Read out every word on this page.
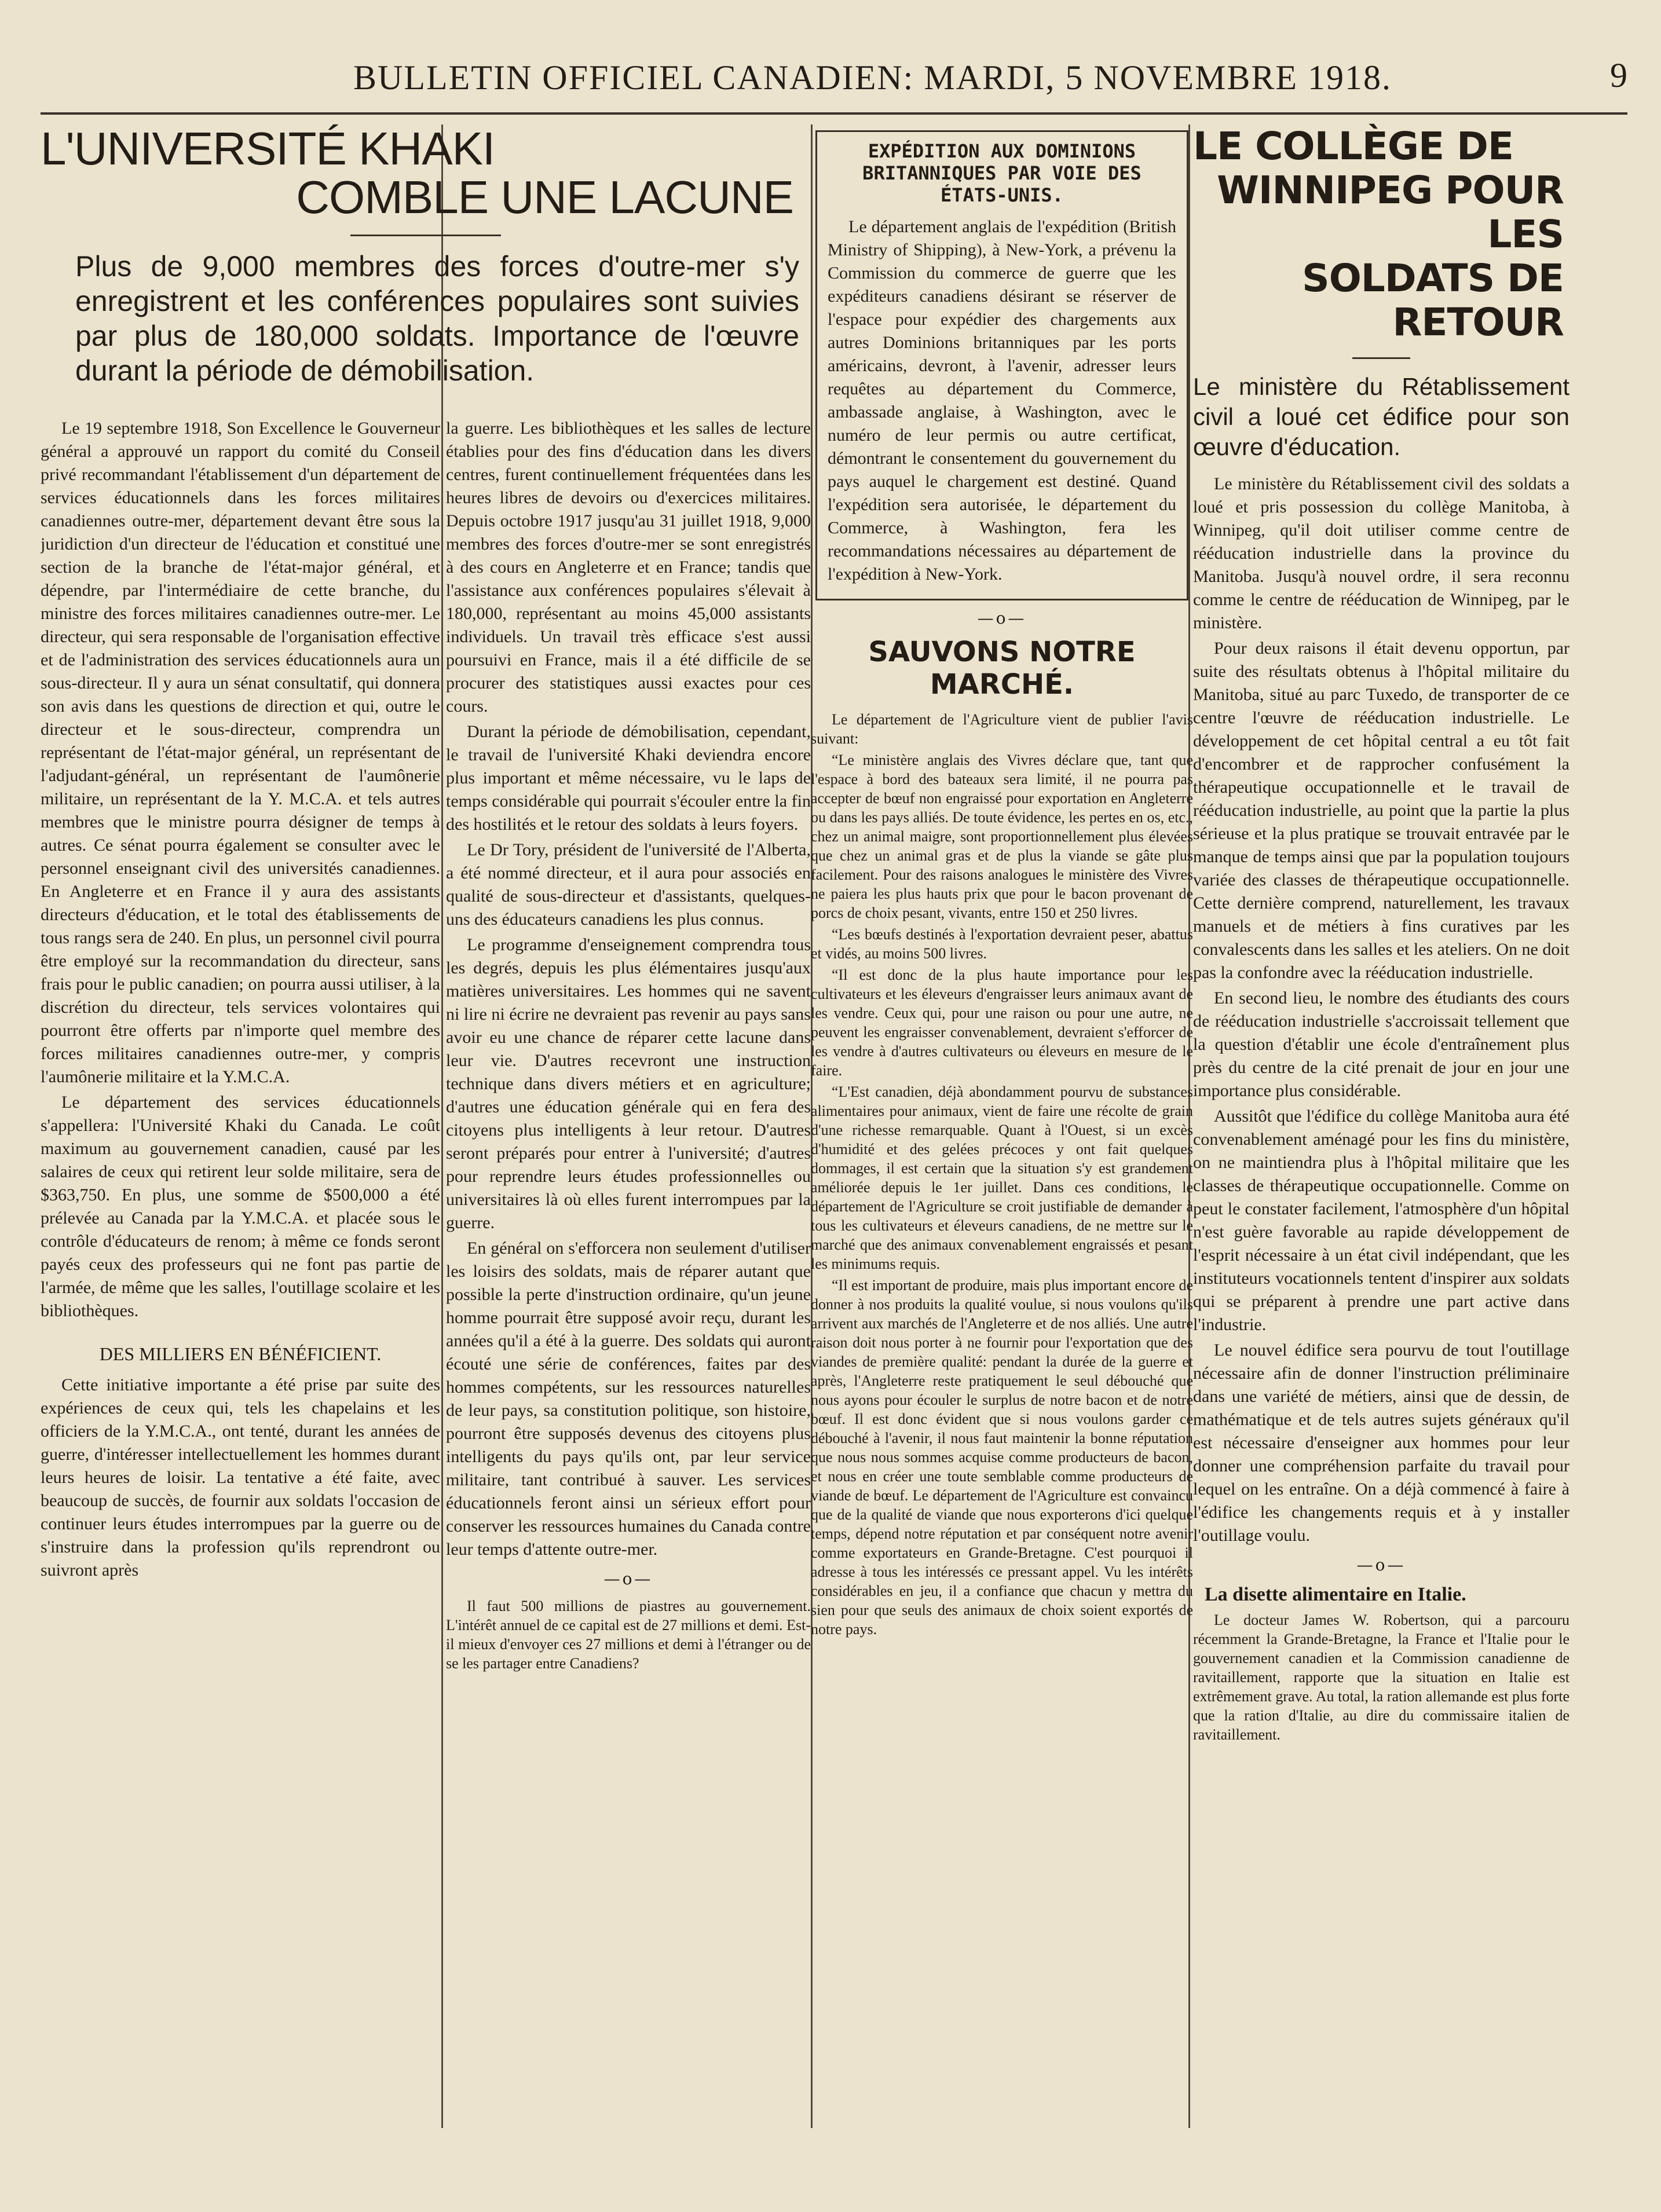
BULLETIN OFFICIEL CANADIEN: MARDI, 5 NOVEMBRE 1918.	9
L'UNIVERSITÉ KHAKI
COMBLE UNE LACUNE
Plus de 9,000 membres des forces d'outre-mer s'y enregistrent et les conférences populaires sont suivies par plus de 180,000 soldats. Importance de l'œuvre durant la période de démobilisation.

Le 19 septembre 1918, Son Excellence le Gouverneur général a approuvé un rapport du comité du Conseil privé recommandant l'établissement d'un département de services éducationnels dans les forces militaires canadiennes outre-mer, département devant être sous la juridiction d'un directeur de l'éducation et constitué une section de la branche de l'état-major général, et dépendre, par l'intermédiaire de cette branche, du ministre des forces militaires canadiennes outre-mer. Le directeur, qui sera responsable de l'organisation effective et de l'administration des services éducationnels aura un sous-directeur. Il y aura un sénat consultatif, qui donnera son avis dans les questions de direction et qui, outre le directeur et le sous-directeur, comprendra un représentant de l'état-major général, un représentant de l'adjudant-général, un représentant de l'aumônerie militaire, un représentant de la Y. M.C.A. et tels autres membres que le ministre pourra désigner de temps à autres. Ce sénat pourra également se consulter avec le personnel enseignant civil des universités canadiennes. En Angleterre et en France il y aura des assistants directeurs d'éducation, et le total des établissements de tous rangs sera de 240. En plus, un personnel civil pourra être employé sur la recommandation du directeur, sans frais pour le public canadien; on pourra aussi utiliser, à la discrétion du directeur, tels services volontaires qui pourront être offerts par n'importe quel membre des forces militaires canadiennes outre-mer, y compris l'aumônerie militaire et la Y.M.C.A.

Le département des services éducationnels s'appellera: l'Université Khaki du Canada. Le coût maximum au gouvernement canadien, causé par les salaires de ceux qui retirent leur solde militaire, sera de $363,750. En plus, une somme de $500,000 a été prélevée au Canada par la Y.M.C.A. et placée sous le contrôle d'éducateurs de renom; à même ce fonds seront payés ceux des professeurs qui ne font pas partie de l'armée, de même que les salles, l'outillage scolaire et les bibliothèques.

DES MILLIERS EN BÉNÉFICIENT.

Cette initiative importante a été prise par suite des expériences de ceux qui, tels les chapelains et les officiers de la Y.M.C.A., ont tenté, durant les années de guerre, d'intéresser intellectuellement les hommes durant leurs heures de loisir. La tentative a été faite, avec beaucoup de succès, de fournir aux soldats l'occasion de continuer leurs études interrompues par la guerre ou de s'instruire dans la profession qu'ils reprendront ou suivront après

la guerre. Les bibliothèques et les salles de lecture établies pour des fins d'éducation dans les divers centres, furent continuellement fréquentées dans les heures libres de devoirs ou d'exercices militaires. Depuis octobre 1917 jusqu'au 31 juillet 1918, 9,000 membres des forces d'outre-mer se sont enregistrés à des cours en Angleterre et en France; tandis que l'assistance aux conférences populaires s'élevait à 180,000, représentant au moins 45,000 assistants individuels. Un travail très efficace s'est aussi poursuivi en France, mais il a été difficile de se procurer des statistiques aussi exactes pour ces cours.

Durant la période de démobilisation, cependant, le travail de l'université Khaki deviendra encore plus important et même nécessaire, vu le laps de temps considérable qui pourrait s'écouler entre la fin des hostilités et le retour des soldats à leurs foyers.

Le Dr Tory, président de l'université de l'Alberta, a été nommé directeur, et il aura pour associés en qualité de sous-directeur et d'assistants, quelques-uns des éducateurs canadiens les plus connus.

Le programme d'enseignement comprendra tous les degrés, depuis les plus élémentaires jusqu'aux matières universitaires. Les hommes qui ne savent ni lire ni écrire ne devraient pas revenir au pays sans avoir eu une chance de réparer cette lacune dans leur vie. D'autres recevront une instruction technique dans divers métiers et en agriculture; d'autres une éducation générale qui en fera des citoyens plus intelligents à leur retour. D'autres seront préparés pour entrer à l'université; d'autres pour reprendre leurs études professionnelles ou universitaires là où elles furent interrompues par la guerre.

En général on s'efforcera non seulement d'utiliser les loisirs des soldats, mais de réparer autant que possible la perte d'instruction ordinaire, qu'un jeune homme pourrait être supposé avoir reçu, durant les années qu'il a été à la guerre. Des soldats qui auront écouté une série de conférences, faites par des hommes compétents, sur les ressources naturelles de leur pays, sa constitution politique, son histoire, pourront être supposés devenus des citoyens plus intelligents du pays qu'ils ont, par leur service militaire, tant contribué à sauver. Les services éducationnels feront ainsi un sérieux effort pour conserver les ressources humaines du Canada contre leur temps d'attente outre-mer.

—o—

Il faut 500 millions de piastres au gouvernement. L'intérêt annuel de ce capital est de 27 millions et demi. Est-il mieux d'envoyer ces 27 millions et demi à l'étranger ou de se les partager entre Canadiens?

EXPÉDITION AUX DOMINIONS BRITANNIQUES PAR VOIE DES ÉTATS-UNIS.

Le département anglais de l'expédition (British Ministry of Shipping), à New-York, a prévenu la Commission du commerce de guerre que les expéditeurs canadiens désirant se réserver de l'espace pour expédier des chargements aux autres Dominions britanniques par les ports américains, devront, à l'avenir, adresser leurs requêtes au département du Commerce, ambassade anglaise, à Washington, avec le numéro de leur permis ou autre certificat, démontrant le consentement du gouvernement du pays auquel le chargement est destiné. Quand l'expédition sera autorisée, le département du Commerce, à Washington, fera les recommandations nécessaires au département de l'expédition à New-York.

—o—
SAUVONS NOTRE MARCHÉ.

Le département de l'Agriculture vient de publier l'avis suivant:

“Le ministère anglais des Vivres déclare que, tant que l'espace à bord des bateaux sera limité, il ne pourra pas accepter de bœuf non engraissé pour exportation en Angleterre ou dans les pays alliés. De toute évidence, les pertes en os, etc., chez un animal maigre, sont proportionnellement plus élevées que chez un animal gras et de plus la viande se gâte plus facilement. Pour des raisons analogues le ministère des Vivres ne paiera les plus hauts prix que pour le bacon provenant de porcs de choix pesant, vivants, entre 150 et 250 livres.

“Les bœufs destinés à l'exportation devraient peser, abattus et vidés, au moins 500 livres.

“Il est donc de la plus haute importance pour les cultivateurs et les éleveurs d'engraisser leurs animaux avant de les vendre. Ceux qui, pour une raison ou pour une autre, ne peuvent les engraisser convenablement, devraient s'efforcer de les vendre à d'autres cultivateurs ou éleveurs en mesure de le faire.

“L'Est canadien, déjà abondamment pourvu de substances alimentaires pour animaux, vient de faire une récolte de grain d'une richesse remarquable. Quant à l'Ouest, si un excès d'humidité et des gelées précoces y ont fait quelques dommages, il est certain que la situation s'y est grandement améliorée depuis le 1er juillet. Dans ces conditions, le département de l'Agriculture se croit justifiable de demander à tous les cultivateurs et éleveurs canadiens, de ne mettre sur le marché que des animaux convenablement engraissés et pesant les minimums requis.

“Il est important de produire, mais plus important encore de donner à nos produits la qualité voulue, si nous voulons qu'ils arrivent aux marchés de l'Angleterre et de nos alliés. Une autre raison doit nous porter à ne fournir pour l'exportation que des viandes de première qualité: pendant la durée de la guerre et après, l'Angleterre reste pratiquement le seul débouché que nous ayons pour écouler le surplus de notre bacon et de notre bœuf. Il est donc évident que si nous voulons garder ce débouché à l'avenir, il nous faut maintenir la bonne réputation que nous nous sommes acquise comme producteurs de bacon, et nous en créer une toute semblable comme producteurs de viande de bœuf. Le département de l'Agriculture est convaincu que de la qualité de viande que nous exporterons d'ici quelque temps, dépend notre réputation et par conséquent notre avenir comme exportateurs en Grande-Bretagne. C'est pourquoi il adresse à tous les intéressés ce pressant appel. Vu les intérêts considérables en jeu, il a confiance que chacun y mettra du sien pour que seuls des animaux de choix soient exportés de notre pays.

LE COLLÈGE DE
WINNIPEG POUR LES
SOLDATS DE RETOUR
Le ministère du Rétablissement civil a loué cet édifice pour son œuvre d'éducation.

Le ministère du Rétablissement civil des soldats a loué et pris possession du collège Manitoba, à Winnipeg, qu'il doit utiliser comme centre de rééducation industrielle dans la province du Manitoba. Jusqu'à nouvel ordre, il sera reconnu comme le centre de rééducation de Winnipeg, par le ministère.

Pour deux raisons il était devenu opportun, par suite des résultats obtenus à l'hôpital militaire du Manitoba, situé au parc Tuxedo, de transporter de ce centre l'œuvre de rééducation industrielle. Le développement de cet hôpital central a eu tôt fait d'encombrer et de rapprocher confusément la thérapeutique occupationnelle et le travail de rééducation industrielle, au point que la partie la plus sérieuse et la plus pratique se trouvait entravée par le manque de temps ainsi que par la population toujours variée des classes de thérapeutique occupationnelle. Cette dernière comprend, naturellement, les travaux manuels et de métiers à fins curatives par les convalescents dans les salles et les ateliers. On ne doit pas la confondre avec la rééducation industrielle.

En second lieu, le nombre des étudiants des cours de rééducation industrielle s'accroissait tellement que la question d'établir une école d'entraînement plus près du centre de la cité prenait de jour en jour une importance plus considérable.

Aussitôt que l'édifice du collège Manitoba aura été convenablement aménagé pour les fins du ministère, on ne maintiendra plus à l'hôpital militaire que les classes de thérapeutique occupationnelle. Comme on peut le constater facilement, l'atmosphère d'un hôpital n'est guère favorable au rapide développement de l'esprit nécessaire à un état civil indépendant, que les instituteurs vocationnels tentent d'inspirer aux soldats qui se préparent à prendre une part active dans l'industrie.

Le nouvel édifice sera pourvu de tout l'outillage nécessaire afin de donner l'instruction préliminaire dans une variété de métiers, ainsi que de dessin, de mathématique et de tels autres sujets généraux qu'il est nécessaire d'enseigner aux hommes pour leur donner une compréhension parfaite du travail pour lequel on les entraîne. On a déjà commencé à faire à l'édifice les changements requis et à y installer l'outillage voulu.

—o—
La disette alimentaire en Italie.

Le docteur James W. Robertson, qui a parcouru récemment la Grande-Bretagne, la France et l'Italie pour le gouvernement canadien et la Commission canadienne de ravitaillement, rapporte que la situation en Italie est extrêmement grave. Au total, la ration allemande est plus forte que la ration d'Italie, au dire du commissaire italien de ravitaillement.
